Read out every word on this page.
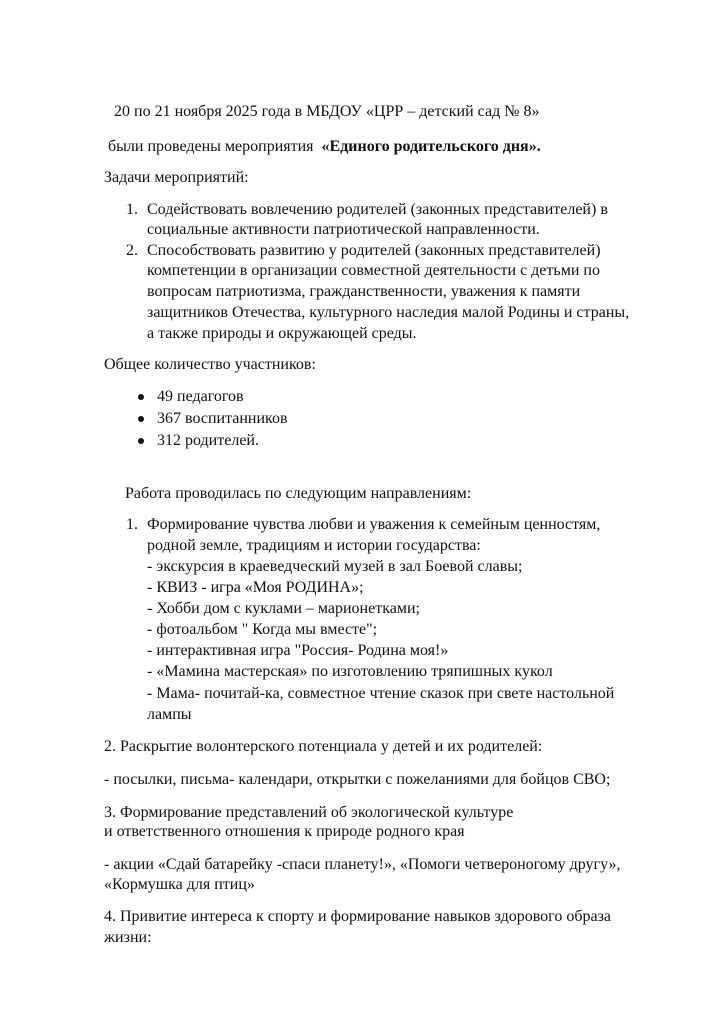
20 по 21 ноября 2025 года в МБДОУ «ЦРР – детский сад № 8»
были проведены мероприятия  «Единого родительского дня».
Задачи мероприятий:
1. Содействовать вовлечению родителей (законных представителей) в
социальные активности патриотической направленности.
2. Способствовать развитию у родителей (законных представителей)
компетенции в организации совместной деятельности с детьми по
вопросам патриотизма, гражданственности, уважения к памяти
защитников Отечества, культурного наследия малой Родины и страны,
а также природы и окружающей среды.
Общее количество участников:
49 педагогов
367 воспитанников
312 родителей.
Работа проводилась по следующим направлениям:
1. Формирование чувства любви и уважения к семейным ценностям,
родной земле, традициям и истории государства:
- экскурсия в краеведческий музей в зал Боевой славы;
- КВИЗ - игра «Моя РОДИНА»;
- Хобби дом с куклами – марионетками;
- фотоальбом " Когда мы вместе";
- интерактивная игра "Россия- Родина моя!»
- «Мамина мастерская» по изготовлению тряпишных кукол
- Мама- почитай-ка, совместное чтение сказок при свете настольной
лампы
2. Раскрытие волонтерского потенциала у детей и их родителей:
- посылки, письма- календари, открытки с пожеланиями для бойцов СВО;
3. Формирование представлений об экологической культуре
и ответственного отношения к природе родного края
- акции «Сдай батарейку -спаси планету!», «Помоги четвероногому другу»,
«Кормушка для птиц»
4. Привитие интереса к спорту и формирование навыков здорового образа
жизни:
